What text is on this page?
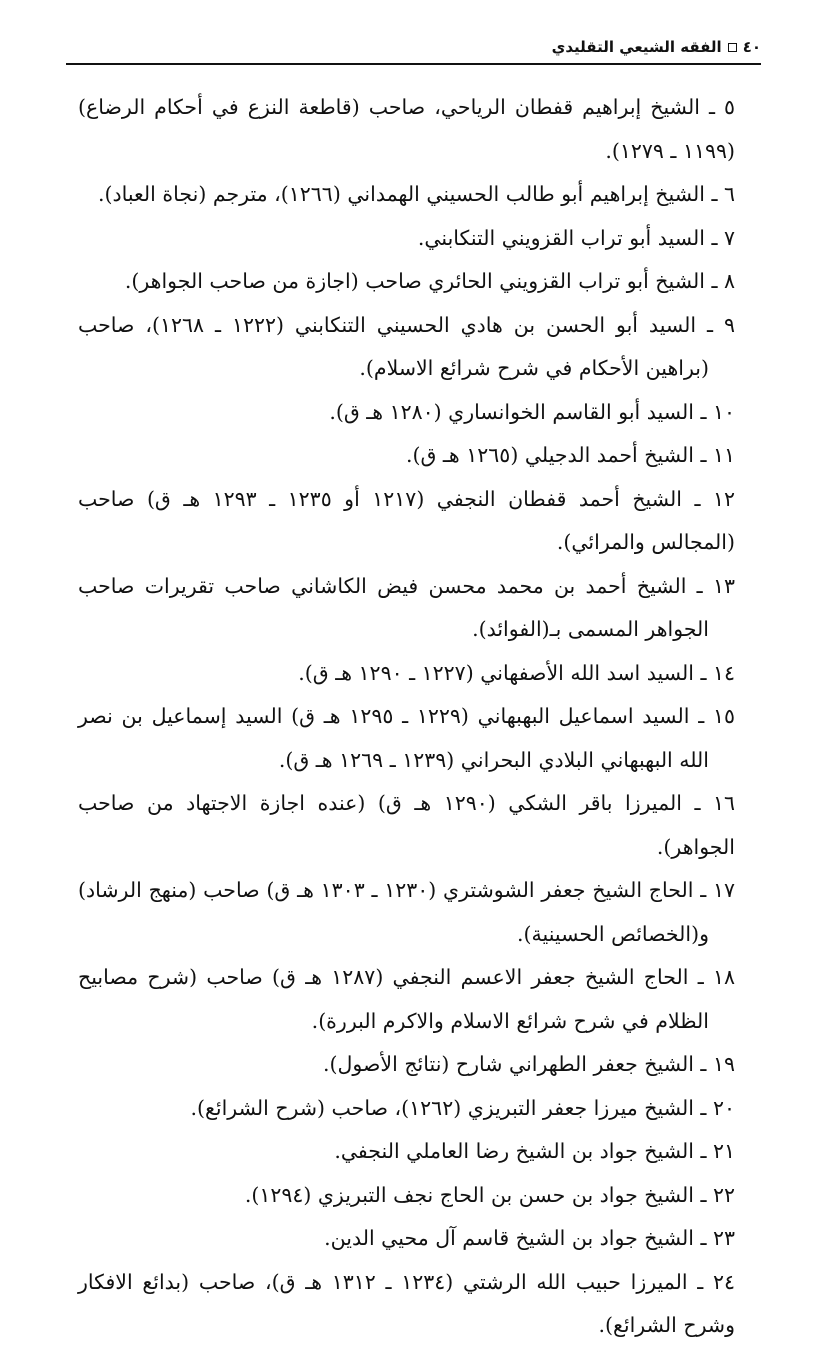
٤٠
الفقه الشيعي التقليدي

٥ ـ الشيخ إبراهيم قفطان الرياحي، صاحب (قاطعة النزع في أحكام الرضاع) (١١٩٩ ـ ١٢٧٩).

٦ ـ الشيخ إبراهيم أبو طالب الحسيني الهمداني (١٢٦٦)، مترجم (نجاة العباد).

٧ ـ السيد أبو تراب القزويني التنكابني.

٨ ـ الشيخ أبو تراب القزويني الحائري صاحب (اجازة من صاحب الجواهر).

٩ ـ السيد أبو الحسن بن هادي الحسيني التنكابني (١٢٢٢ ـ ١٢٦٨)، صاحب (براهين الأحكام في شرح شرائع الاسلام).

١٠ ـ السيد أبو القاسم الخوانساري (١٢٨٠ هـ ق).

١١ ـ الشيخ أحمد الدجيلي (١٢٦٥ هـ ق).

١٢ ـ الشيخ أحمد قفطان النجفي (١٢١٧ أو ١٢٣٥ ـ ١٢٩٣ هـ ق) صاحب (المجالس والمرائي).

١٣ ـ الشيخ أحمد بن محمد محسن فيض الكاشاني صاحب تقريرات صاحب الجواهر المسمى بـ(الفوائد).

١٤ ـ السيد اسد الله الأصفهاني (١٢٢٧ ـ ١٢٩٠ هـ ق).

١٥ ـ السيد اسماعيل البهبهاني (١٢٢٩ ـ ١٢٩٥ هـ ق) السيد إسماعيل بن نصر الله البهبهاني البلادي البحراني (١٢٣٩ ـ ١٢٦٩ هـ ق).

١٦ ـ الميرزا باقر الشكي (١٢٩٠ هـ ق) (عنده اجازة الاجتهاد من صاحب الجواهر).

١٧ ـ الحاج الشيخ جعفر الشوشتري (١٢٣٠ ـ ١٣٠٣ هـ ق) صاحب (منهج الرشاد) و(الخصائص الحسينية).

١٨ ـ الحاج الشيخ جعفر الاعسم النجفي (١٢٨٧ هـ ق) صاحب (شرح مصابيح الظلام في شرح شرائع الاسلام والاكرم البررة).

١٩ ـ الشيخ جعفر الطهراني شارح (نتائج الأصول).

٢٠ ـ الشيخ ميرزا جعفر التبريزي (١٢٦٢)، صاحب (شرح الشرائع).

٢١ ـ الشيخ جواد بن الشيخ رضا العاملي النجفي.

٢٢ ـ الشيخ جواد بن حسن بن الحاج نجف التبريزي (١٢٩٤).

٢٣ ـ الشيخ جواد بن الشيخ قاسم آل محيي الدين.

٢٤ ـ الميرزا حبيب الله الرشتي (١٢٣٤ ـ ١٣١٢ هـ ق)، صاحب (بدائع الافكار وشرح الشرائع).
